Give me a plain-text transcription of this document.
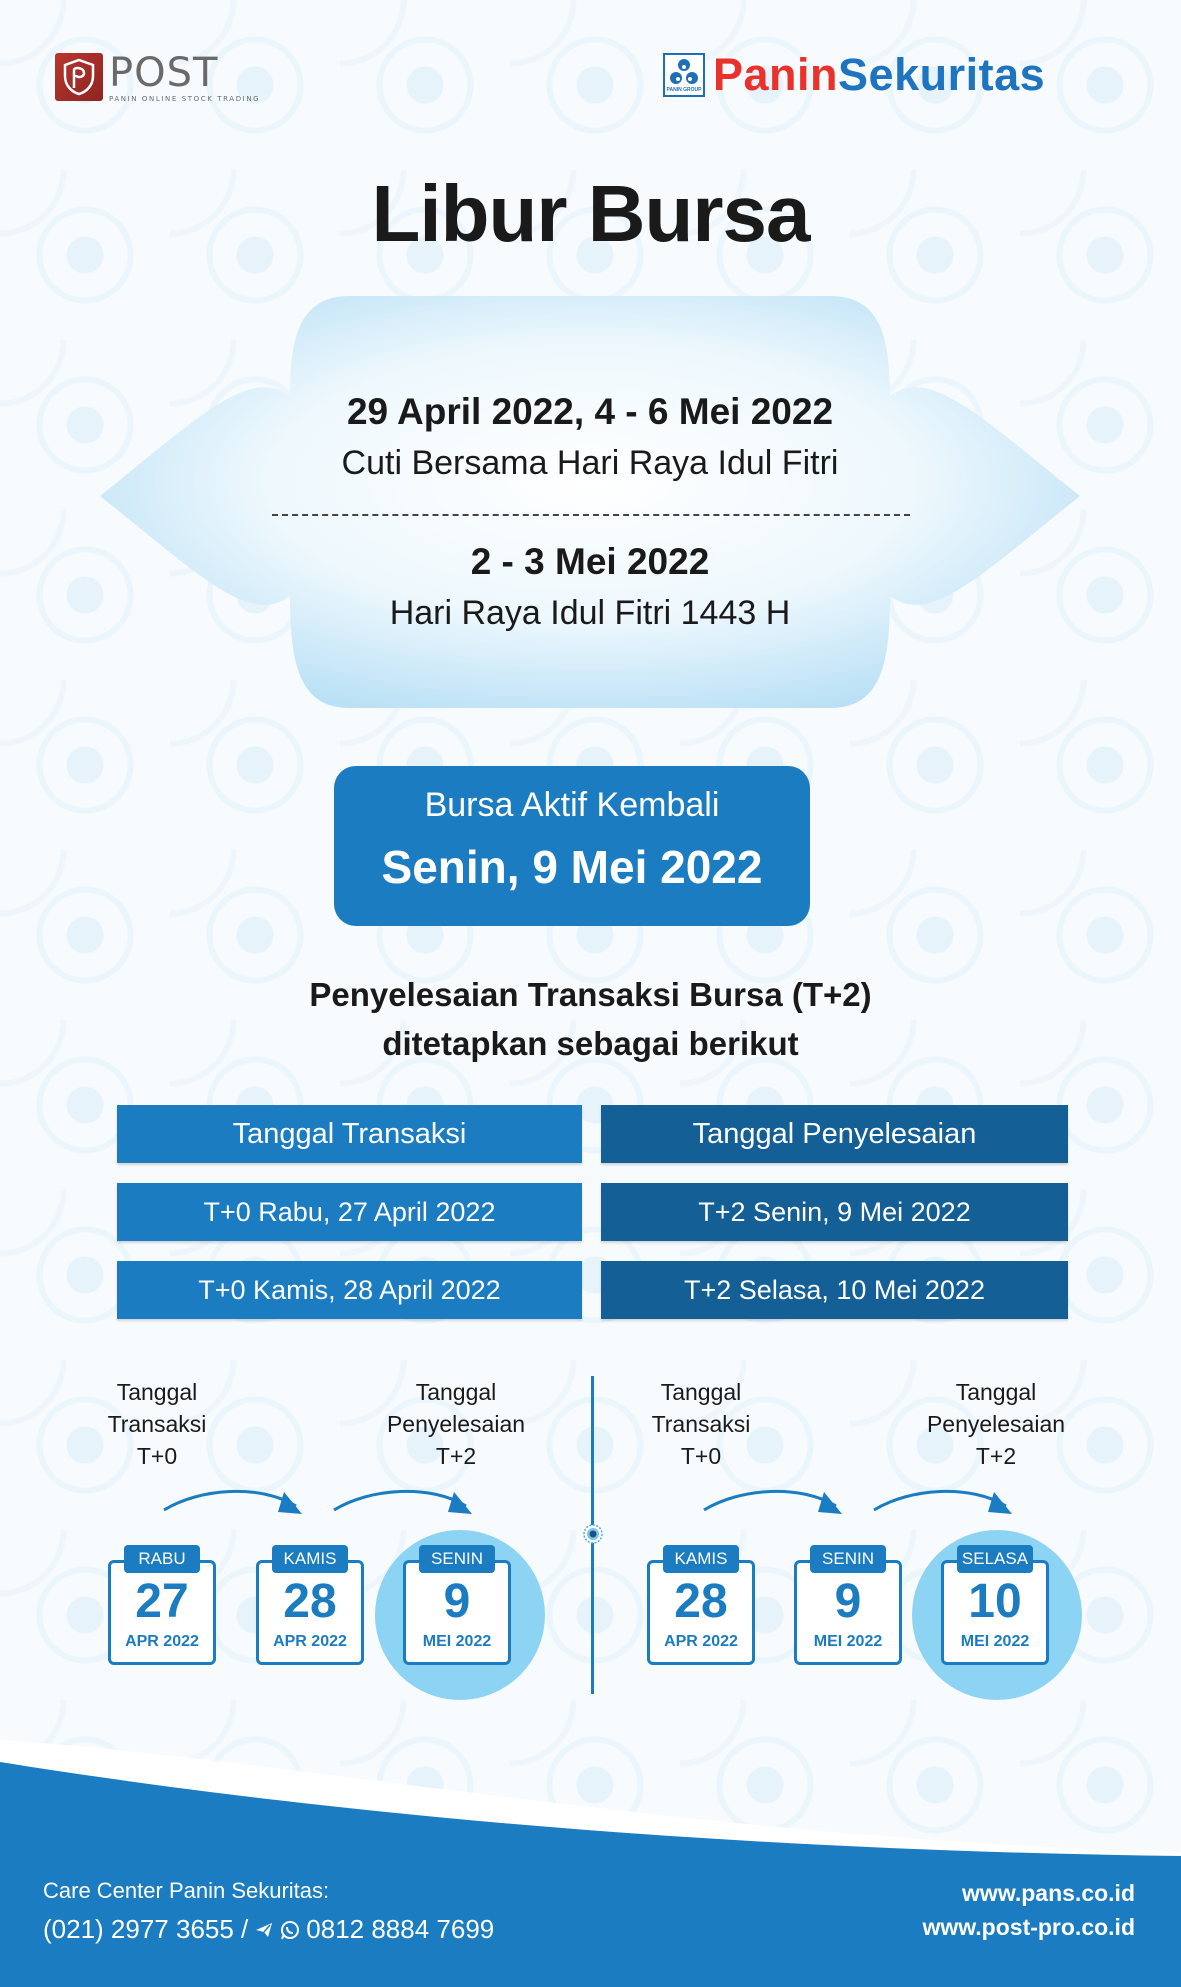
POST
PANIN ONLINE STOCK TRADING
PANIN GROUP PaninSekuritas
Libur Bursa
29 April 2022, 4 - 6 Mei 2022
Cuti Bersama Hari Raya Idul Fitri
2 - 3 Mei 2022
Hari Raya Idul Fitri 1443 H
Bursa Aktif Kembali
Senin, 9 Mei 2022
Penyelesaian Transaksi Bursa (T+2)
ditetapkan sebagai berikut
Tanggal Transaksi	Tanggal Penyelesaian
T+0 Rabu, 27 April 2022	T+2 Senin, 9 Mei 2022
T+0 Kamis, 28 April 2022	T+2 Selasa, 10 Mei 2022
Tanggal
Transaksi
T+0
Tanggal
Penyelesaian
T+2
RABU
27
APR 2022
KAMIS
28
APR 2022
SENIN
9
MEI 2022
Tanggal
Transaksi
T+0
Tanggal
Penyelesaian
T+2
KAMIS
28
APR 2022
SENIN
9
MEI 2022
SELASA
10
MEI 2022
Care Center Panin Sekuritas:
(021) 2977 3655 / 0812 8884 7699
www.pans.co.id
www.post-pro.co.id
